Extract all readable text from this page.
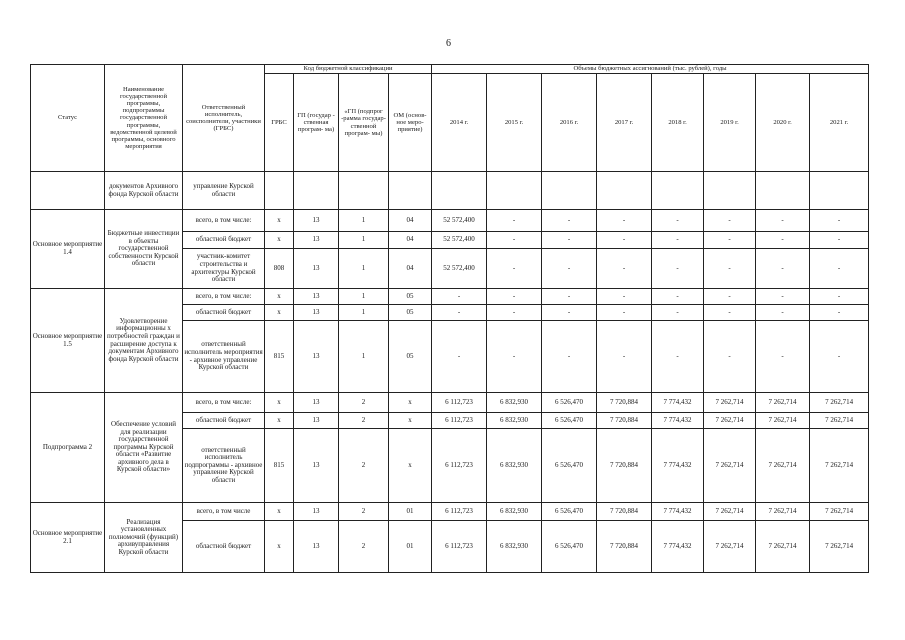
6
Статус	Наименование государственной программы, подпрограммы государственной программы, ведомственной целевой программы, основного мероприятия	Ответственный исполнитель, соисполнители, участники (ГРБС)	Код бюджетной классификации				Объемы бюджетных ассигнований (тыс. рублей), годы							
			ГРБС	ГП (государ - ственная програм- ма)	«ГП (подпрог -рамма государ- ственной програм- мы)	ОМ (основ- ное меро- приятие)	2014 г.	2015 г.	2016 г.	2017 г.	2018 г.	2019 г.	2020 г.	2021 г.
	документов Архивного фонда Курской области	управление Курской области												
Основное мероприятие 1.4	Бюджетные инвестиции в объекты государственной собственности Курской области	всего, в том числе:	х	13	1	04	52 572,400	-	-	-	-	-	-	-
		областной бюджет	х	13	1	04	52 572,400	-	-	-	-	-	-	-
		участник-комитет строительства и архитектуры Курской области	808	13	1	04	52 572,400	-	-	-	-	-	-	-
Основное мероприятие 1.5	Удовлетворение информационны х потребностей граждан и расширение доступа к документам Архивного фонда Курской области	всего, в том числе:	х	13	1	05	-	-	-	-	-	-	-	-
		областной бюджет	х	13	1	05	-	-	-	-	-	-	-	-
		ответственный исполнитель мероприятия - архивное управление Курской области	815	13	1	05	-	-	-	-	-	-	-	-
Подпрограмма 2	Обеспечение условий для реализации государственной программы Курской области «Развитие архивного дела в Курской области»	всего, в том числе:	х	13	2	х	6 112,723	6 832,930	6 526,470	7 720,884	7 774,432	7 262,714	7 262,714	7 262,714
		областной бюджет	х	13	2	х	6 112,723	6 832,930	6 526,470	7 720,884	7 774,432	7 262,714	7 262,714	7 262,714
		ответственный исполнитель подпрограммы - архивное управление Курской области	815	13	2	х	6 112,723	6 832,930	6 526,470	7 720,884	7 774,432	7 262,714	7 262,714	7 262,714
Основное мероприятие 2.1	Реализация установленных полномочий (функций) архивуправления Курской области	всего, в том числе	х	13	2	01	6 112,723	6 832,930	6 526,470	7 720,884	7 774,432	7 262,714	7 262,714	7 262,714
		областной бюджет	х	13	2	01	6 112,723	6 832,930	6 526,470	7 720,884	7 774,432	7 262,714	7 262,714	7 262,714
